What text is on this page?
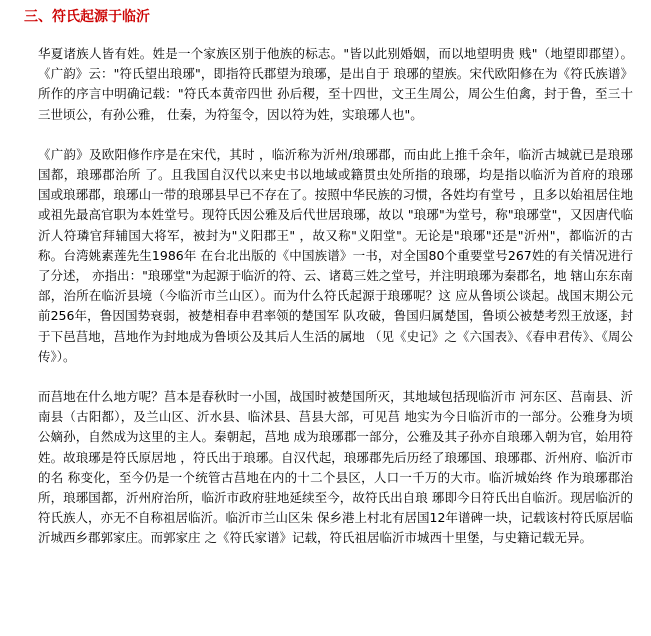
三、符氏起源于临沂

华夏诸族人皆有姓。姓是一个家族区别于他族的标志。"皆以此别婚姻，而以地望明贵 贱"（地望即郡望）。《广韵》云："符氏望出琅琊"，即指符氏郡望为琅琊，是出自于 琅琊的望族。宋代欧阳修在为《符氏族谱》所作的序言中明确记载："符氏本黄帝四世 孙后稷，至十四世，文王生周公，周公生伯禽，封于鲁，至三十三世顷公，有孙公雅， 仕秦，为符玺令，因以符为姓，实琅琊人也"。

《广韵》及欧阳修作序是在宋代，其时 ，临沂称为沂州/琅琊郡，而由此上推千余年，临沂古城就已是琅琊国都，琅琊郡治所 了。且我国自汉代以来史书以地域或籍贯虫处所指的琅琊，均是指以临沂为首府的琅琊 国或琅琊郡，琅琊山一带的琅琊县早已不存在了。按照中华民族的习惯，各姓均有堂号 ，且多以始祖居住地或祖先最高官职为本姓堂号。现符氏因公雅及后代世居琅琊，故以 "琅琊"为堂号，称"琅琊堂"，又因唐代临沂人符璘官拜辅国大将军，被封为"义阳郡王" ，故又称"义阳堂"。无论是"琅琊"还是"沂州"，都临沂的古称。台湾姚素莲先生1986年 在台北出版的《中国族谱》一书，对全国80个重要堂号267姓的有关情况进行了分述， 亦指出："琅琊堂"为起源于临沂的符、云、诸葛三姓之堂号，并注明琅琊为秦郡名，地 辖山东东南部，治所在临沂县境（今临沂市兰山区）。而为什么符氏起源于琅琊呢？这 应从鲁顷公谈起。战国末期公元前256年，鲁因国势衰弱，被楚相春申君率领的楚国军 队攻破，鲁国归属楚国，鲁顷公被楚考烈王放逐，封于下邑莒地，莒地作为封地成为鲁顷公及其后人生活的属地 （见《史记》之《六国表》、《春申君传》、《周公传》）。

而莒地在什么地方呢？莒本是春秋时一小国，战国时被楚国所灭，其地域包括现临沂市 河东区、莒南县、沂南县（古阳都），及兰山区、沂水县、临沭县、莒县大部，可见莒 地实为今日临沂市的一部分。公雅身为顷公嫡孙，自然成为这里的主人。秦朝起，莒地 成为琅琊郡一部分，公雅及其子孙亦自琅琊入朝为官，始用符姓。故琅琊是符氏原居地 ，符氏出于琅琊。自汉代起，琅琊郡先后历经了琅琊国、琅琊郡、沂州府、临沂市的名 称变化，至今仍是一个统管古莒地在内的十二个县区，人口一千万的大市。临沂城始终 作为琅琊郡治所，琅琊国都，沂州府治所，临沂市政府驻地延续至今，故符氏出自琅 琊即今日符氏出自临沂。现居临沂的符氏族人，亦无不自称祖居临沂。临沂市兰山区朱 保乡港上村北有居国12年谱碑一块，记载该村符氏原居临沂城西乡郡郭家庄。而郭家庄 之《符氏家谱》记载，符氏祖居临沂市城西十里堡，与史籍记载无异。
